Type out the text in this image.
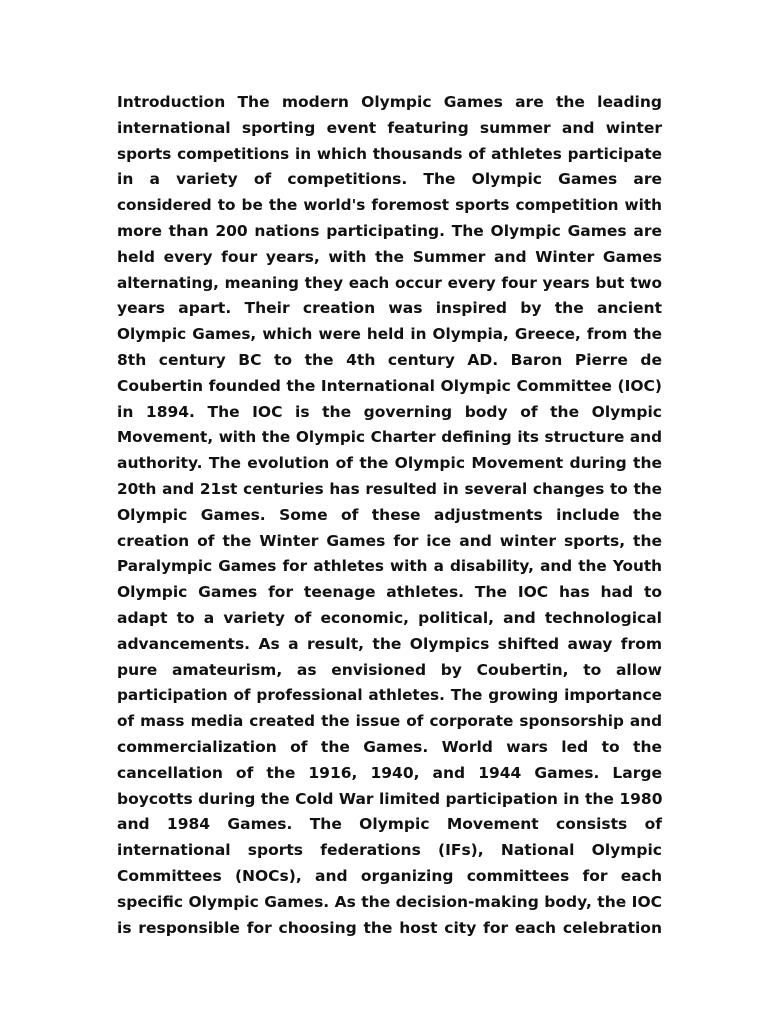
Introduction The modern Olympic Games are the leading
international sporting event featuring summer and winter
sports competitions in which thousands of athletes participate
in a variety of competitions. The Olympic Games are
considered to be the world's foremost sports competition with
more than 200 nations participating. The Olympic Games are
held every four years, with the Summer and Winter Games
alternating, meaning they each occur every four years but two
years apart. Their creation was inspired by the ancient
Olympic Games, which were held in Olympia, Greece, from the
8th century BC to the 4th century AD. Baron Pierre de
Coubertin founded the International Olympic Committee (IOC)
in 1894. The IOC is the governing body of the Olympic
Movement, with the Olympic Charter defining its structure and
authority. The evolution of the Olympic Movement during the
20th and 21st centuries has resulted in several changes to the
Olympic Games. Some of these adjustments include the
creation of the Winter Games for ice and winter sports, the
Paralympic Games for athletes with a disability, and the Youth
Olympic Games for teenage athletes. The IOC has had to
adapt to a variety of economic, political, and technological
advancements. As a result, the Olympics shifted away from
pure amateurism, as envisioned by Coubertin, to allow
participation of professional athletes. The growing importance
of mass media created the issue of corporate sponsorship and
commercialization of the Games. World wars led to the
cancellation of the 1916, 1940, and 1944 Games. Large
boycotts during the Cold War limited participation in the 1980
and 1984 Games. The Olympic Movement consists of
international sports federations (IFs), National Olympic
Committees (NOCs), and organizing committees for each
specific Olympic Games. As the decision-making body, the IOC
is responsible for choosing the host city for each celebration
